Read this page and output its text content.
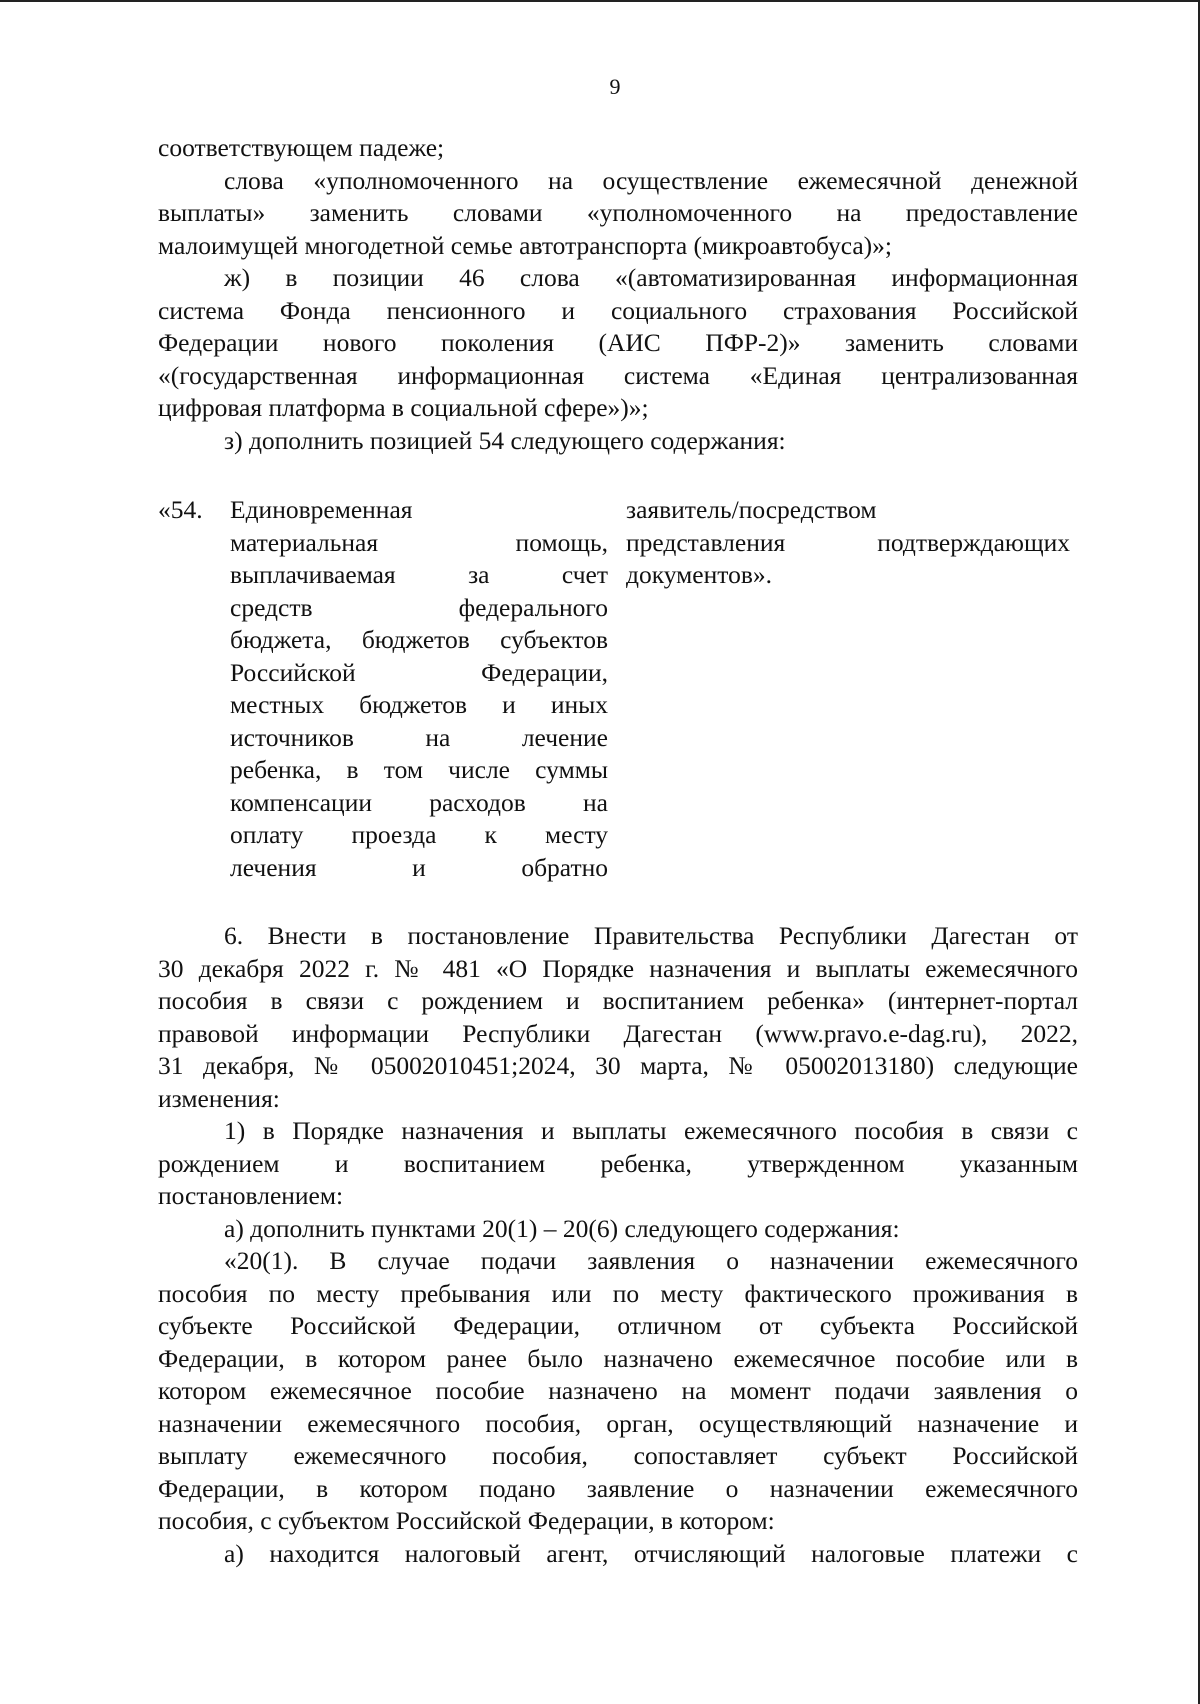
9
соответствующем падеже;
слова «уполномоченного на осуществление ежемесячной денежной
выплаты» заменить словами «уполномоченного на предоставление
малоимущей многодетной семье автотранспорта (микроавтобуса)»;
ж) в позиции 46 слова «(автоматизированная информационная
система Фонда пенсионного и социального страхования Российской
Федерации нового поколения (АИС ПФР-2)» заменить словами
«(государственная информационная система «Единая централизованная
цифровая платформа в социальной сфере»)»;
з) дополнить позицией 54 следующего содержания:
«54.	Единовременная
материальная помощь,
выплачиваемая за счет
средств федерального
бюджета, бюджетов субъектов
Российской Федерации,
местных бюджетов и иных
источников на лечение
ребенка, в том числе суммы
компенсации расходов на
оплату проезда к месту
лечения и обратно
заявитель/посредством
представления подтверждающих
документов».
6. Внести в постановление Правительства Республики Дагестан от
30 декабря 2022 г. № 481 «О Порядке назначения и выплаты ежемесячного
пособия в связи с рождением и воспитанием ребенка» (интернет-портал
правовой информации Республики Дагестан (www.pravo.e-dag.ru), 2022,
31 декабря, № 05002010451;2024, 30 марта, № 05002013180) следующие
изменения:
1) в Порядке назначения и выплаты ежемесячного пособия в связи с
рождением и воспитанием ребенка, утвержденном указанным
постановлением:
а) дополнить пунктами 20(1) – 20(6) следующего содержания:
«20(1). В случае подачи заявления о назначении ежемесячного
пособия по месту пребывания или по месту фактического проживания в
субъекте Российской Федерации, отличном от субъекта Российской
Федерации, в котором ранее было назначено ежемесячное пособие или в
котором ежемесячное пособие назначено на момент подачи заявления о
назначении ежемесячного пособия, орган, осуществляющий назначение и
выплату ежемесячного пособия, сопоставляет субъект Российской
Федерации, в котором подано заявление о назначении ежемесячного
пособия, с субъектом Российской Федерации, в котором:
а) находится налоговый агент, отчисляющий налоговые платежи с
